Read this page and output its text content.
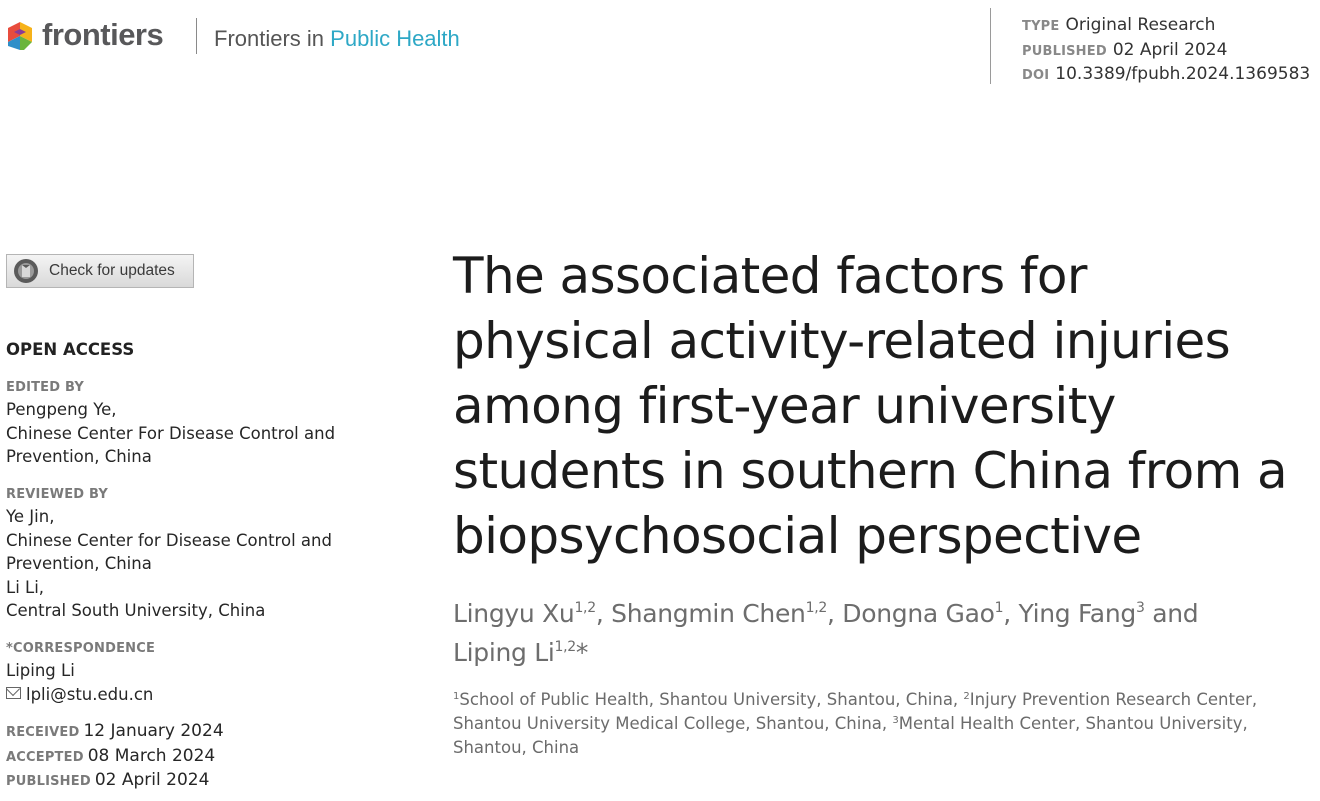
frontiers Frontiers in Public Health	TYPE Original Research
PUBLISHED 02 April 2024
DOI 10.3389/fpubh.2024.1369583
Check for updates
OPEN ACCESS
EDITED BY
Pengpeng Ye,
Chinese Center For Disease Control and
Prevention, China
REVIEWED BY
Ye Jin,
Chinese Center for Disease Control and
Prevention, China
Li Li,
Central South University, China
*CORRESPONDENCE
Liping Li
lpli@stu.edu.cn
RECEIVED 12 January 2024
ACCEPTED 08 March 2024
PUBLISHED 02 April 2024
The associated factors for
physical activity-related injuries
among first-year university
students in southern China from a
biopsychosocial perspective
Lingyu Xu$^{1,2}$, Shangmin Chen$^{1,2}$, Dongna Gao$^1$, Ying Fang$^3$ and
Liping Li$^{1,2}$*
$^1$School of Public Health, Shantou University, Shantou, China, $^2$Injury Prevention Research Center, Shantou University Medical College, Shantou, China, $^3$Mental Health Center, Shantou University, Shantou, China
